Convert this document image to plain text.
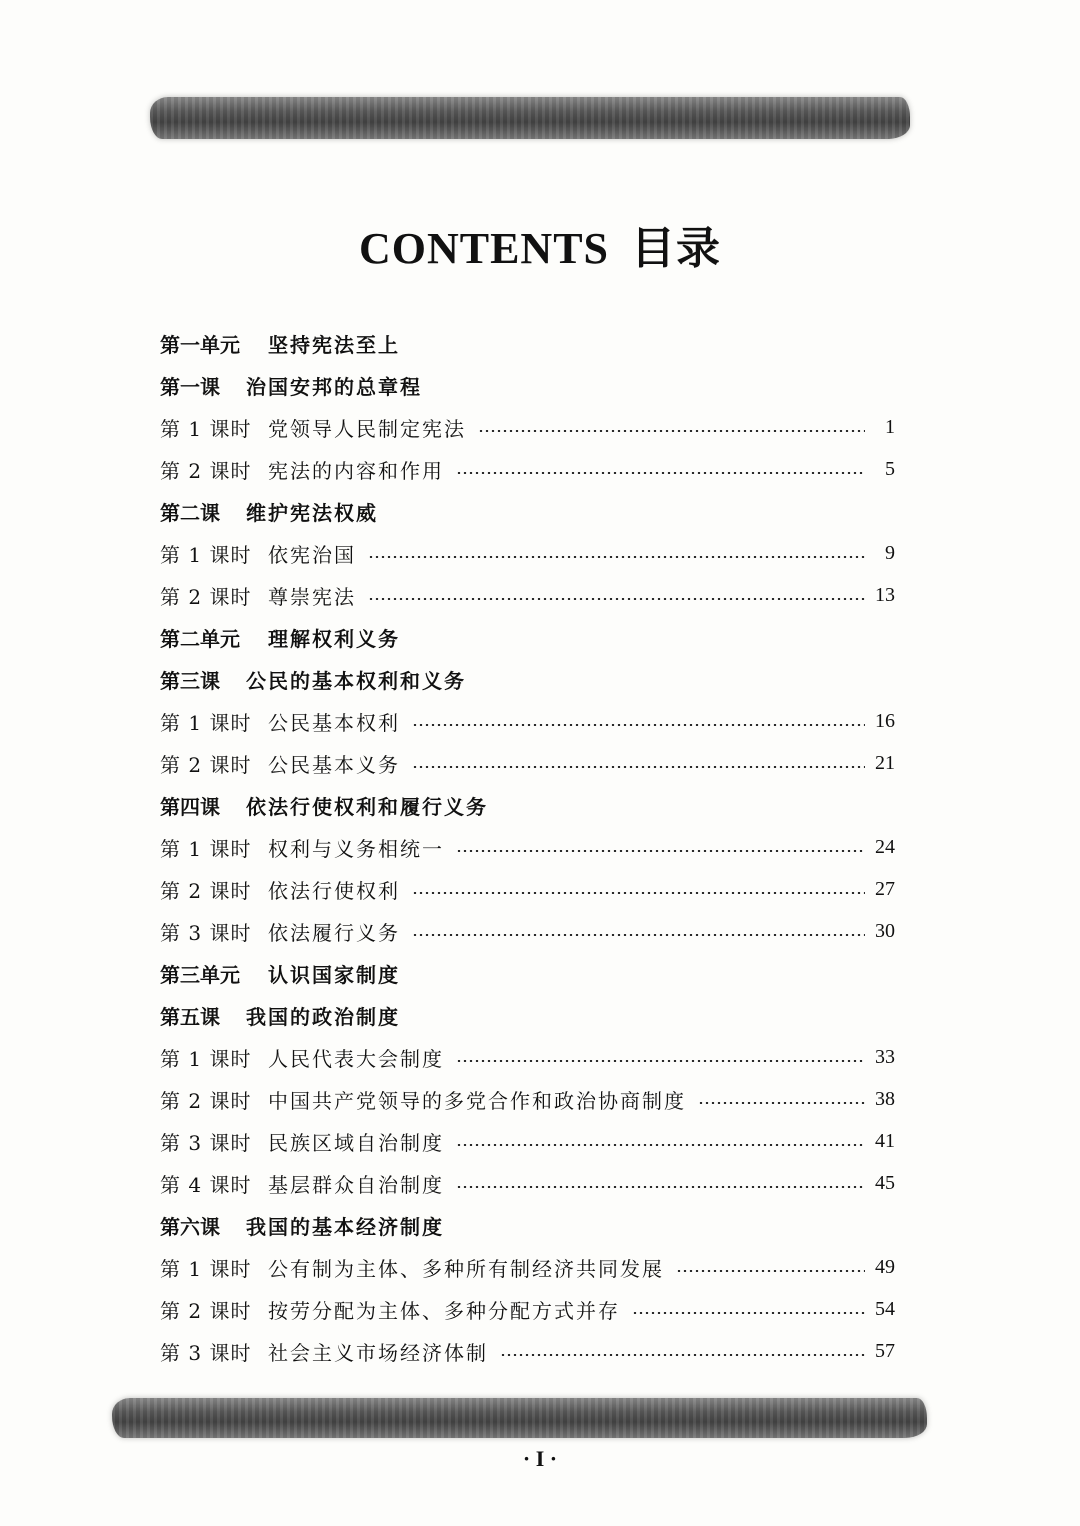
CONTENTS 目录
第一单元	坚持宪法至上
第一课	治国安邦的总章程
第 1 课时 党领导人民制定宪法	1
第 2 课时 宪法的内容和作用	5
第二课	维护宪法权威
第 1 课时 依宪治国	9
第 2 课时 尊崇宪法	13
第二单元	理解权利义务
第三课	公民的基本权利和义务
第 1 课时 公民基本权利	16
第 2 课时 公民基本义务	21
第四课	依法行使权利和履行义务
第 1 课时 权利与义务相统一	24
第 2 课时 依法行使权利	27
第 3 课时 依法履行义务	30
第三单元	认识国家制度
第五课	我国的政治制度
第 1 课时 人民代表大会制度	33
第 2 课时 中国共产党领导的多党合作和政治协商制度	38
第 3 课时 民族区域自治制度	41
第 4 课时 基层群众自治制度	45
第六课	我国的基本经济制度
第 1 课时 公有制为主体、多种所有制经济共同发展	49
第 2 课时 按劳分配为主体、多种分配方式并存	54
第 3 课时 社会主义市场经济体制	57
· I ·
